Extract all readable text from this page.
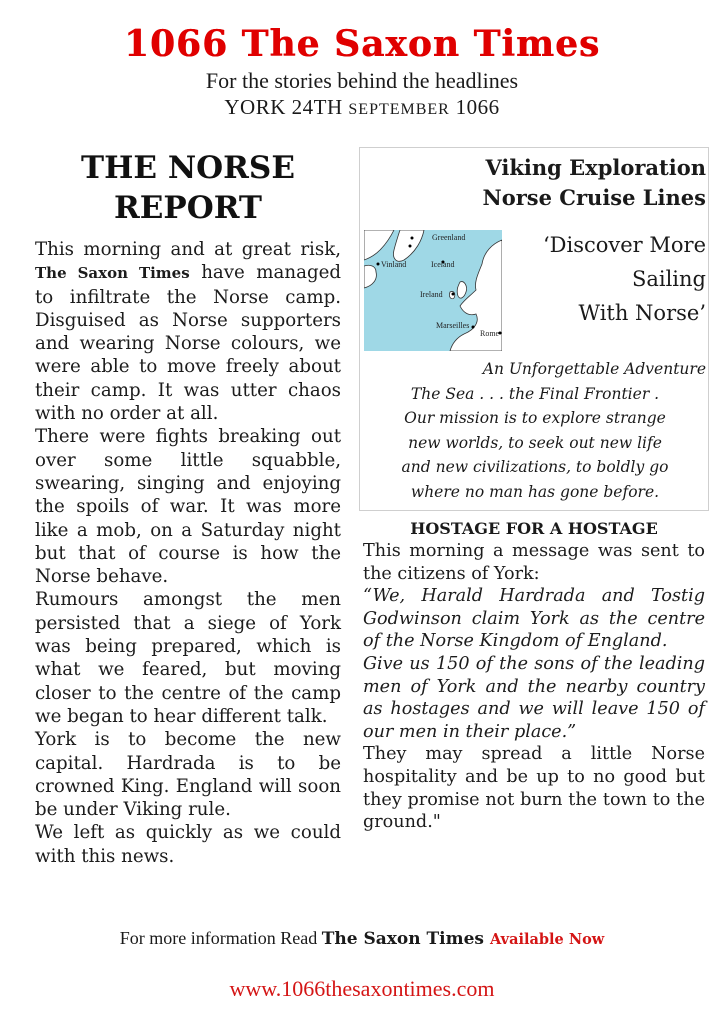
1066 The Saxon Times

For the stories behind the headlines

YORK 24TH SEPTEMBER 1066

THE NORSE
REPORT

This morning and at great risk, The Saxon Times have managed to infiltrate the Norse camp. Disguised as Norse supporters and wearing Norse colours, we were able to move freely about their camp. It was utter chaos with no order at all.

There were fights breaking out over some little squabble, swearing, singing and enjoying the spoils of war. It was more like a mob, on a Saturday night but that of course is how the Norse behave.

Rumours amongst the men persisted that a siege of York was being prepared, which is what we feared, but moving closer to the centre of the camp we began to hear different talk.

York is to become the new capital. Hardrada is to be crowned King. England will soon be under Viking rule.

We left as quickly as we could with this news.

Viking Exploration
Norse Cruise Lines

Greenland
Vinland	Iceland
Ireland
Marseilles
Rome

‘Discover More
Sailing
With Norse’

An Unforgettable Adventure
The Sea . . . the Final Frontier .
Our mission is to explore strange
new worlds, to seek out new life
and new civilizations, to boldly go
where no man has gone before.

HOSTAGE FOR A HOSTAGE

This morning a message was sent to the citizens of York:

“We, Harald Hardrada and Tostig Godwinson claim York as the centre of the Norse Kingdom of England.

Give us 150 of the sons of the leading men of York and the nearby country as hostages and we will leave 150 of our men in their place.”

They may spread a little Norse hospitality and be up to no good but they promise not burn the town to the ground."

For more information Read The Saxon Times Available Now
www.1066thesaxontimes.com
